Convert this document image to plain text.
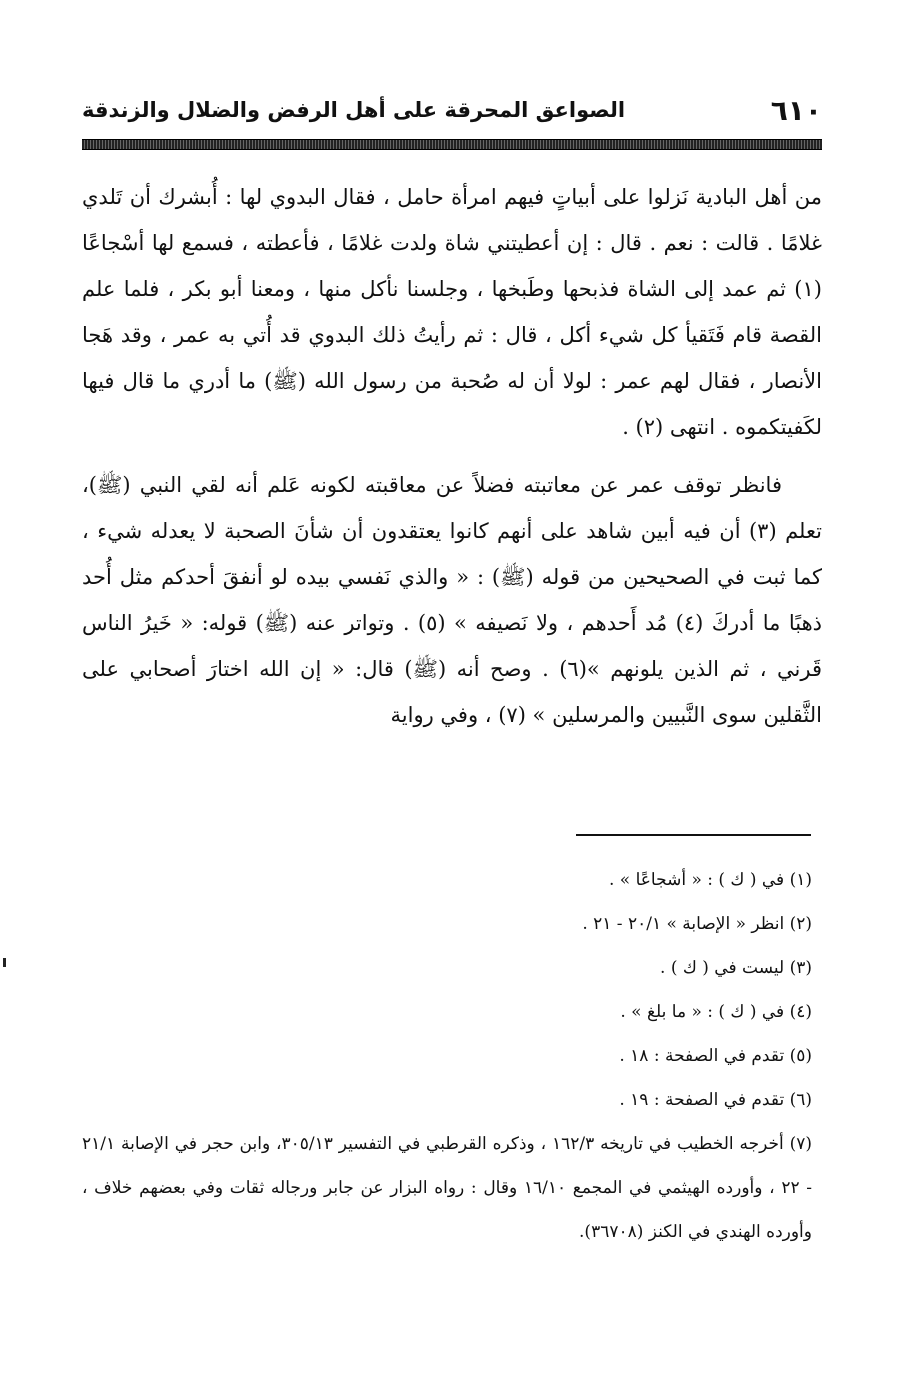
٦١٠
الصواعق المحرقة على أهل الرفض والضلال والزندقة

من أهل البادية نَزلوا على أبياتٍ فيهم امرأة حامل ، فقال البدوي لها : أُبشرك أن تَلدي غلامًا . قالت : نعم . قال : إن أعطيتني شاة ولدت غلامًا ، فأعطته ، فسمع لها أسْجاعًا (١) ثم عمد إلى الشاة فذبحها وطَبخها ، وجلسنا نأكل منها ، ومعنا أبو بكر ، فلما علم القصة قام فَتَقيأ كل شيء أكل ، قال : ثم رأيتُ ذلك البدوي قد أُتي به عمر ، وقد هَجا الأنصار ، فقال لهم عمر : لولا أن له صُحبة من رسول الله (ﷺ) ما أدري ما قال فيها لكَفيتكموه . انتهى (٢) .

فانظر توقف عمر عن معاتبته فضلاً عن معاقبته لكونه عَلم أنه لقي النبي (ﷺ)، تعلم (٣) أن فيه أبين شاهد على أنهم كانوا يعتقدون أن شأنَ الصحبة لا يعدله شيء ، كما ثبت في الصحيحين من قوله (ﷺ) : « والذي نَفسي بيده لو أنفقَ أحدكم مثل أُحد ذهبًا ما أدركَ (٤) مُد أَحدهم ، ولا نَصيفه » (٥) . وتواتر عنه (ﷺ) قوله: « خَيرُ الناس قَرني ، ثم الذين يلونهم »(٦) . وصح أنه (ﷺ) قال: « إن الله اختارَ أصحابي على الثَّقلين سوى النَّبيين والمرسلين » (٧) ، وفي رواية

(١) في ( ك ) : « أشجاعًا » .

(٢) انظر « الإصابة » ٢٠/١ - ٢١ .

(٣) ليست في ( ك ) .

(٤) في ( ك ) : « ما بلغ » .

(٥) تقدم في الصفحة : ١٨ .

(٦) تقدم في الصفحة : ١٩ .

(٧) أخرجه الخطيب في تاريخه ١٦٢/٣ ، وذكره القرطبي في التفسير ٣٠٥/١٣، وابن حجر في الإصابة ٢١/١ - ٢٢ ، وأورده الهيثمي في المجمع ١٦/١٠ وقال : رواه البزار عن جابر ورجاله ثقات وفي بعضهم خلاف ، وأورده الهندي في الكنز (٣٦٧٠٨).
